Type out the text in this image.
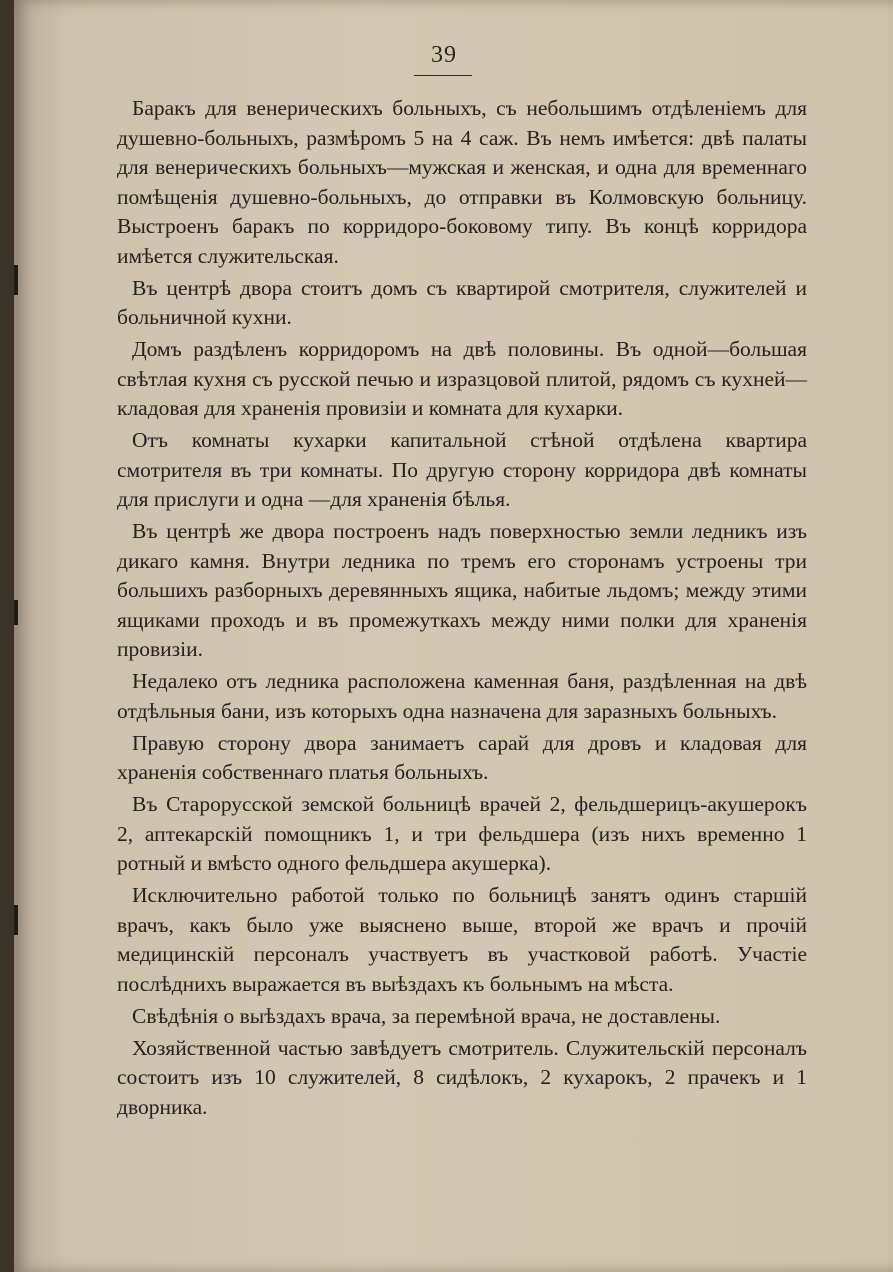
39

Баракъ для венерическихъ больныхъ, съ небольшимъ отдѣленіемъ для душевно-больныхъ, размѣромъ 5 на 4 саж. Въ немъ имѣется: двѣ палаты для венерическихъ больныхъ—мужская и женская, и одна для временнаго помѣщенія душевно-больныхъ, до отправки въ Колмовскую больницу. Выстроенъ баракъ по корридоро-боковому типу. Въ концѣ корридора имѣется служительская.

Въ центрѣ двора стоитъ домъ съ квартирой смотрителя, служителей и больничной кухни.

Домъ раздѣленъ корридоромъ на двѣ половины. Въ одной—большая свѣтлая кухня съ русской печью и изразцовой плитой, рядомъ съ кухней—кладовая для храненія провизіи и комната для кухарки.

Отъ комнаты кухарки капитальной стѣной отдѣлена квартира смотрителя въ три комнаты. По другую сторону корридора двѣ комнаты для прислуги и одна —для храненія бѣлья.

Въ центрѣ же двора построенъ надъ поверхностью земли ледникъ изъ дикаго камня. Внутри ледника по тремъ его сторонамъ устроены три большихъ разборныхъ деревянныхъ ящика, набитые льдомъ; между этими ящиками проходъ и въ промежуткахъ между ними полки для храненія провизіи.

Недалеко отъ ледника расположена каменная баня, раздѣленная на двѣ отдѣльныя бани, изъ которыхъ одна назначена для заразныхъ больныхъ.

Правую сторону двора занимаетъ сарай для дровъ и кладовая для храненія собственнаго платья больныхъ.

Въ Старорусской земской больницѣ врачей 2, фельдшерицъ-акушерокъ 2, аптекарскій помощникъ 1, и три фельдшера (изъ нихъ временно 1 ротный и вмѣсто одного фельдшера акушерка).

Исключительно работой только по больницѣ занятъ одинъ старшій врачъ, какъ было уже выяснено выше, второй же врачъ и прочій медицинскій персоналъ участвуетъ въ участковой работѣ. Участіе послѣднихъ выражается въ выѣздахъ къ больнымъ на мѣста.

Свѣдѣнія о выѣздахъ врача, за перемѣной врача, не доставлены.

Хозяйственной частью завѣдуетъ смотритель. Служительскій персоналъ состоитъ изъ 10 служителей, 8 сидѣлокъ, 2 кухарокъ, 2 прачекъ и 1 дворника.
